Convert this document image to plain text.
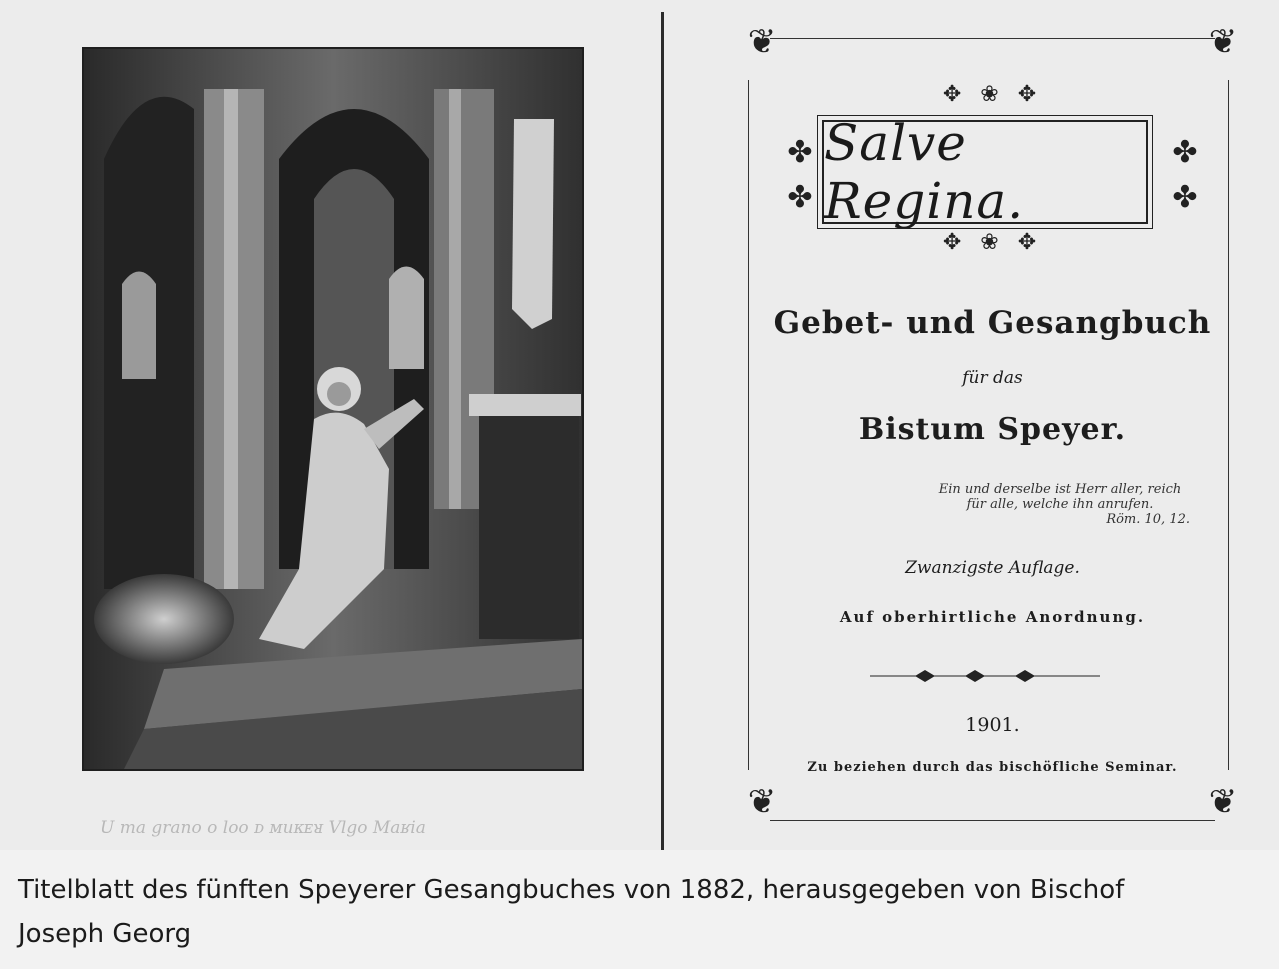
U ma grano o loo ᴅ ᴍuᴋᴇᴚ Vlgo Maʁia
❦	❦
❦	❦
✥ ❀ ✥
✤
✤
✤
✤
Salve Regina.
✥ ❀ ✥
Gebet- und Gesangbuch
für das
Bistum Speyer.
Ein und derselbe ist Herr aller, reich
für alle, welche ihn anrufen.
Röm. 10, 12.
Zwanzigste Auflage.
Auf oberhirtliche Anordnung.
1901.
Zu beziehen durch das bischöfliche Seminar.
Titelblatt des fünften Speyerer Gesangbuches von 1882, herausgegeben von Bischof
Joseph Georg
